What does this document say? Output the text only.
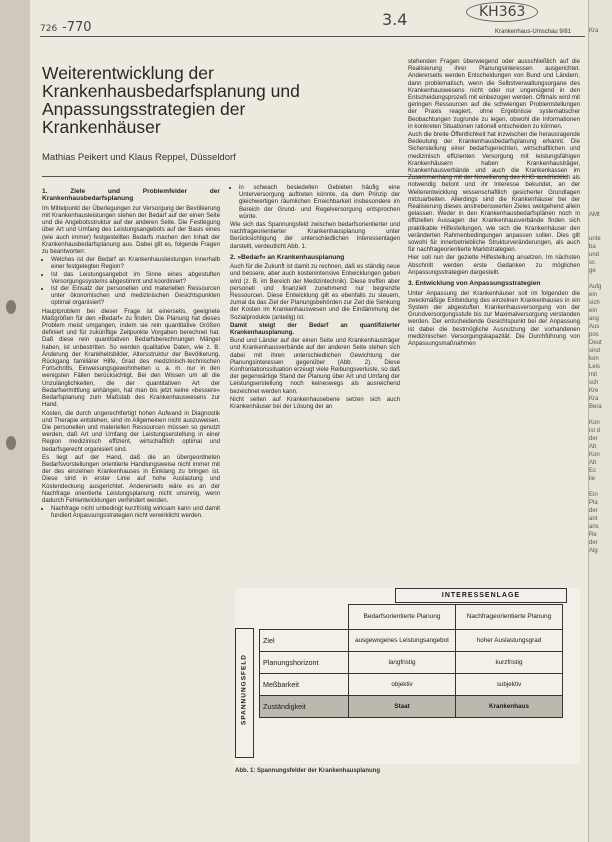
726 -770	3.4	KH363
Krankenhaus-Umschau 9/81
Weiterentwicklung der Krankenhausbedarfsplanung und Anpassungsstrategien der Krankenhäuser
Mathias Peikert und Klaus Reppel, Düsseldorf
1. Ziele und Problemfelder der Krankenhausbedarfsplanung

Im Mittelpunkt der Überlegungen zur Versorgung der Bevölkerung mit Krankenhausleistungen stehen der Bedarf auf der einen Seite und die Angebotsstruktur auf der anderen Seite. Die Festlegung über Art und Umfang des Leistungsangebots auf der Basis eines (wie auch immer) festgestellten Bedarfs machen den Inhalt der Krankenhausbedarfsplanung aus. Dabei gilt es, folgende Fragen zu beantworten:

• Welches ist der Bedarf an Krankenhausleistungen innerhalb einer festgelegten Region?
• Ist das Leistungsangebot im Sinne eines abgestuften Versorgungssystems abgestimmt und koordiniert?
• Ist der Einsatz der personellen und materiellen Ressourcen unter ökonomischen und medizinischen Gesichtspunkten optimal organisiert?

Hauptproblem bei dieser Frage ist einerseits, geeignete Maßgrößen für den »Bedarf« zu finden. Die Planung hat dieses Problem meist umgangen, indem sie rein quantitative Größen definiert und für zukünftige Zeitpunkte Vorgaben berechnet hat. Daß diese rein quantitativen Bedarfsberechnungen Mängel haben, ist unbestritten. So werden qualitative Daten, wie z. B. Änderung der Krankheitsbilder, Altersstruktur der Bevölkerung, Rückgang familiärer Hilfe, Grad des medizinisch-technischen Fortschritts, Einweisungsgewohnheiten u. a. m. nur in den wenigsten Fällen berücksichtigt. Bei den Wissen um all die Unzulänglichkeiten, die der quantitativen Art der Bedarfsermittlung anhängen, hat man bis jetzt keine »bessere« Bedarfsplanung zum Maßstab des Krankenhauswesens zur Hand.

Kosten, die durch ungerechtfertigt hohen Aufwand in Diagnostik und Therapie entstehen, sind im Allgemeinen nicht auszuweisen. Die personellen und materiellen Ressourcen müssen so genutzt werden, daß Art und Umfang der Leistungserstellung in einer Region medizinisch effizient, wirtschaftlich optimal und bedarfsgerecht organisiert sind.

Es liegt auf der Hand, daß die an übergeordneten Bedarfsvorstellungen orientierte Handlungsweise nicht immer mit der des einzelnen Krankenhauses in Einklang zu bringen ist. Diese sind in erster Linie auf hohe Auslastung und Kostendeckung ausgerichtet. Andererseits wäre es an der Nachfrage orientierte Leistungsplanung nicht unsinnig, wenn dadurch Fehlentwicklungen verhindert werden.

• Nachfrage nicht unbedingt kurzfristig wirksam kann und damit fundiert Anpassungsstrategien nicht verwirklicht werden.
• in schwach besiedelten Gebieten häufig eine Unterversorgung auftreten könnte, da dem Prinzip der gleichwertigen räumlichen Erreichbarkeit insbesondere im Bereich der Grund- und Regelversorgung entsprochen würde.

Wie sich das Spannungsfeld zwischen bedarfsorientierter und nachfrageorientierter Krankenhausplanung unter Berücksichtigung der unterschiedlichen Interessenlagen darstellt, verdeutlicht Abb. 1.

2. »Bedarf« an Krankenhausplanung

Auch für die Zukunft ist damit zu rechnen, daß es ständig neue und bessere, aber auch kostenintensive Entwicklungen geben wird (z. B. im Bereich der Medizintechnik). Diese treffen aber personell und finanziell zunehmend nur begrenzte Ressourcen. Diese Entwicklung gilt es ebenfalls zu steuern, zumal da das Ziel der Planungsbehörden zur Zeit die Senkung der Kosten im Krankenhauswesen und die Eindämmung der Sozialprodukte (anteilig) ist.

Damit steigt der Bedarf an quantifizierter Krankenhausplanung.

Bund und Länder auf der einen Seite und Krankenhausträger und Krankenhausverbände auf der anderen Seite stehen sich dabei mit ihren unterschiedlichen Gewichtung der Planungsinteressen gegenüber (Abb. 2). Diese Konfrontationssituation erzeugt viele Reibungsverluste, so daß der gegenwärtige Stand der Planung über Art und Umfang der Leistungserstellung noch keineswegs als ausreichend bezeichnet werden kann.

Nicht selten auf Krankenhausebene setzen sich auch Krankenhäuser bei der Lösung der an

stehenden Fragen überwiegend oder ausschließlich auf die Realisierung ihrer Planungsinteressen ausgerichtet. Andererseits werden Entscheidungen von Bund und Ländern, dann problematisch, wenn die Selbstverwaltungsorgane des Krankenhauswesens nicht oder nur ungenügend in den Entscheidungsprozeß mit einbezogen werden. Oftmals wird mit geringen Ressourcen auf die schwierigen Problemstellungen der Praxis reagiert, ohne Ergebnisse systematischer Beobachtungen zugrunde zu legen, obwohl die Informationen in konkreten Situationen rationell entscheiden zu können.

Auch die breite Öffentlichkeit hat inzwischen die herausragende Bedeutung der Krankenhausbedarfsplanung erkannt. Die Sicherstellung einer bedarfsgerechten, wirtschaftlichen und medizinisch effizienten Versorgung mit leistungsfähigen Krankenhäusern haben Krankenhausträger, Krankenhausverbände und auch die Krankenkassen im Zusammenhang mit der Novellierung des KHG ausdrücklich als notwendig betont und ihr Interesse bekundet, an der Weiterentwicklung wissenschaftlich gesicherter Grundlagen mitzuarbeiten. Allerdings sind die Krankenhäuser bei der Realisierung dieses anstrebenswerten Zieles weitgehend allein gelassen. Weder in den Krankenhausbedarfsplänen noch in offiziellen Aussagen der Krankenhausverbände finden sich praktikable Hilfestellungen, wie sich die Krankenhäuser den veränderten Rahmenbedingungen anpassen sollen. Dies gilt sowohl für innerbetriebliche Strukturveränderungen, als auch für nachfrageorientierte Marktstrategien.

Hier soll nun der gezielte Hilfestellung ansetzen. Im nächsten Abschnitt werden erste Gedanken zu möglichen Anpassungsstrategien dargestellt.

3. Entwicklung von Anpassungsstrategien

Unter Anpassung der Krankenhäuser soll im folgenden die zweckmäßige Einbindung des einzelnen Krankenhauses in ein System der abgestuften Krankenhausversorgung von der Grundversorgungsstufe bis zur Maximalversorgung verstanden werden. Der entscheidende Gesichtspunkt bei der Anpassung ist dabei die bestmögliche Ausnutzung der vorhandenen medizinischen Versorgungskapazität. Die Durchführung von Anpassungsmaßnahmen

INTERESSENLAGE
SPANNUNGSFELD
	Bedarfsorientierte Planung	Nachfrageorientierte Planung
Ziel	ausgewogenes Leistungsangebot	hoher Auslastungsgrad
Planungshorizont	langfristig	kurzfristig
Meßbarkeit	objektiv	subjektiv
Zuständigkeit	Staat	Krankenhaus
Abb. 1: Spannungsfelder der Krankenhausplanung
Kra
AMt
unte
ba
und
sc
ge
Aufg
ein
sich
ein
ang
Aus
pos
Deut
sind
kon
Leis
mit
sch
Kre
Kra
Bera
Kon
ist d
der
Ab
Kon
Ab
Ec
lie
Ein
Pla
der
ant
ans
Re
der
Alg
